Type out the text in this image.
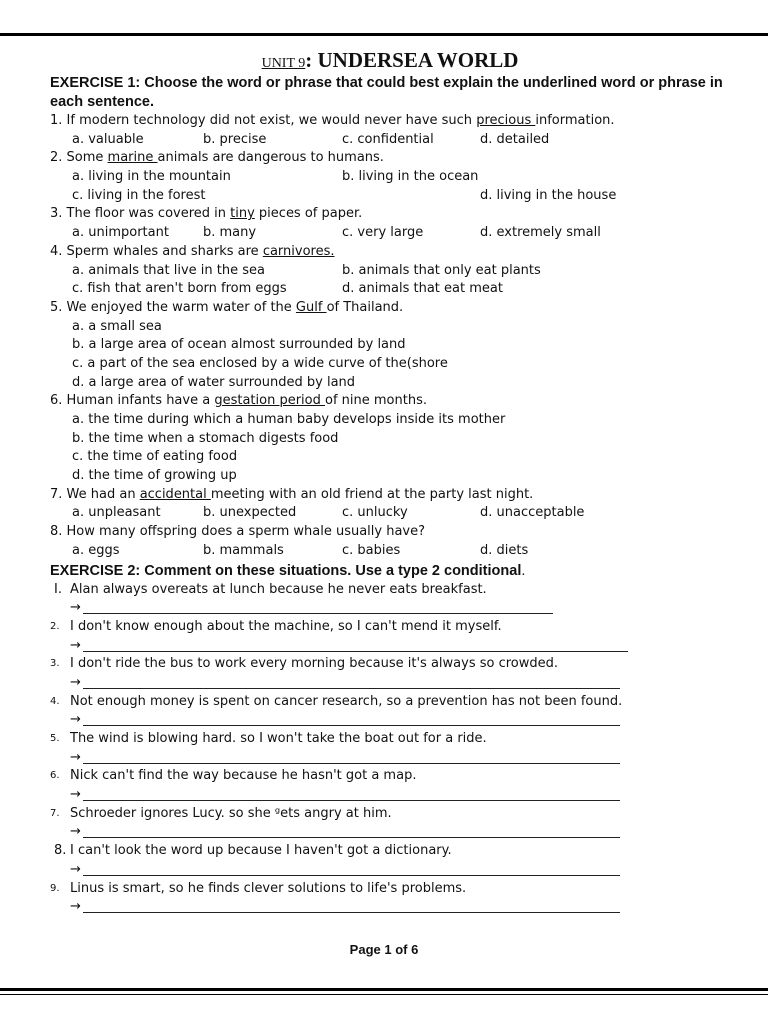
UNIT 9: UNDERSEA WORLD
EXERCISE 1: Choose the word or phrase that could best explain the underlined word or phrase in each sentence.
1. If modern technology did not exist, we would never have such precious information.
a. valuable	b. precise	c. confidential	d. detailed
2. Some marine animals are dangerous to humans.
a. living in the mountain	b. living in the ocean
c. living in the forest	d. living in the house
3. The floor was covered in tiny pieces of paper.
a. unimportant	b. many	c. very large	d. extremely small
4. Sperm whales and sharks are carnivores.
a. animals that live in the sea	b. animals that only eat plants
c. fish that aren't born from eggs	d. animals that eat meat
5. We enjoyed the warm water of the Gulf of Thailand.
a. a small sea
b. a large area of ocean almost surrounded by land
c. a part of the sea enclosed by a wide curve of the(shore
d. a large area of water surrounded by land
6. Human infants have a gestation period of nine months.
a. the time during which a human baby develops inside its mother
b. the time when a stomach digests food
c. the time of eating food
d. the time of growing up
7. We had an accidental meeting with an old friend at the party last night.
a. unpleasant	b. unexpected	c. unlucky	d. unacceptable
8. How many offspring does a sperm whale usually have?
a. eggs	b. mammals	c. babies	d. diets
EXERCISE 2: Comment on these situations. Use a type 2 conditional.
I. Alan always overeats at lunch because he never eats breakfast.
→
2. I don't know enough about the machine, so I can't mend it myself.
→
3. I don't ride the bus to work every morning because it's always so crowded.
→
4. Not enough money is spent on cancer research, so a prevention has not been found.
→
5. The wind is blowing hard. so I won't take the boat out for a ride.
→
6. Nick can't find the way because he hasn't got a map.
→
7. Schroeder ignores Lucy. so she ᵍets angry at him.
→
8. I can't look the word up because I haven't got a dictionary.
→
9. Linus is smart, so he finds clever solutions to life's problems.
→
Page 1 of 6
